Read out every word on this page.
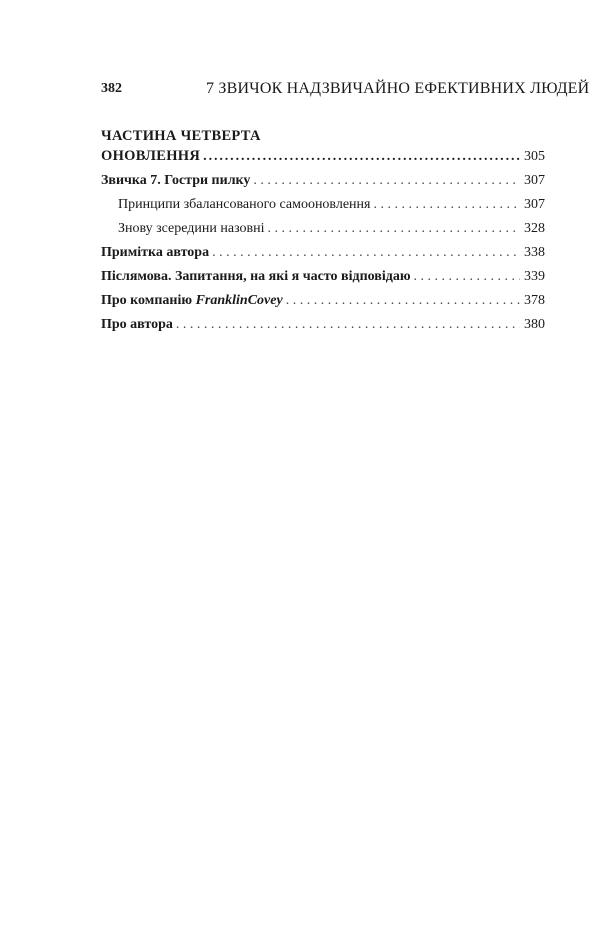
382	7 ЗВИЧОК НАДЗВИЧАЙНО ЕФЕКТИВНИХ ЛЮДЕЙ
ЧАСТИНА ЧЕТВЕРТА
ОНОВЛЕННЯ .....	305
Звичка 7. Гостри пилку . . .	307
Принципи збалансованого самооновлення . . .	307
Знову зсередини назовні . . .	328
Примітка автора . . .	338
Післямова. Запитання, на які я часто відповідаю . . .	339
Про компанію FranklinCovey . . .	378
Про автора . . .	380
